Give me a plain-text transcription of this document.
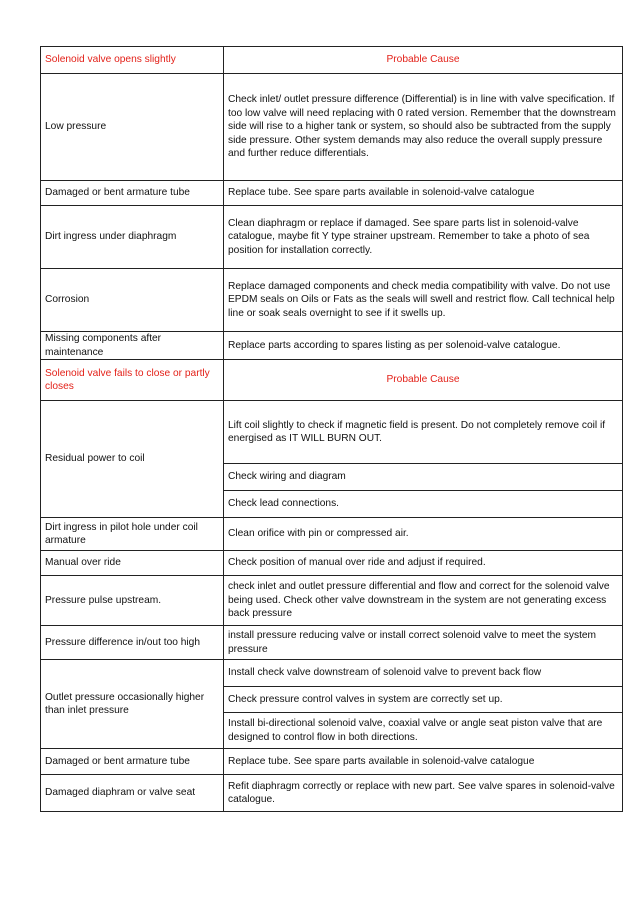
Solenoid valve opens slightly	Probable Cause
Low pressure	Check inlet/ outlet pressure difference (Differential) is in line with valve specification. If too low valve will need replacing with 0 rated version. Remember that the downstream side will rise to a higher tank or system, so should also be subtracted from the supply side pressure. Other system demands may also reduce the overall supply pressure and further reduce differentials.
Damaged or bent armature tube	Replace tube. See spare parts available in solenoid-valve catalogue
Dirt ingress under diaphragm	Clean diaphragm or replace if damaged. See spare parts list in solenoid-valve catalogue, maybe fit Y type strainer upstream. Remember to take a photo of sea position for installation correctly.
Corrosion	Replace damaged components and check media compatibility with valve. Do not use EPDM seals on Oils or Fats as the seals will swell and restrict flow. Call technical help line or soak seals overnight to see if it swells up.
Missing components after maintenance	Replace parts according to spares listing as per solenoid-valve catalogue.
Solenoid valve fails to close or partly closes	Probable Cause
Residual power to coil	Lift coil slightly to check if magnetic field is present. Do not completely remove coil if energised as IT WILL BURN OUT.
	Check wiring and diagram
	Check lead connections.
Dirt ingress in pilot hole under coil armature	Clean orifice with pin or compressed air.
Manual over ride	Check position of manual over ride and adjust if required.
Pressure pulse upstream.	check inlet and outlet pressure differential and flow and correct for the solenoid valve being used. Check other valve downstream in the system are not generating excess back pressure
Pressure difference in/out too high	install pressure reducing valve or install correct solenoid valve to meet the system pressure
Outlet pressure occasionally higher than inlet pressure	Install check valve downstream of solenoid valve to prevent back flow
	Check pressure control valves in system are correctly set up.
	Install bi-directional solenoid valve, coaxial valve or angle seat piston valve that are designed to control flow in both directions.
Damaged or bent armature tube	Replace tube. See spare parts available in solenoid-valve catalogue
Damaged diaphram or valve seat	Refit diaphragm correctly or replace with new part. See valve spares in solenoid-valve catalogue.
